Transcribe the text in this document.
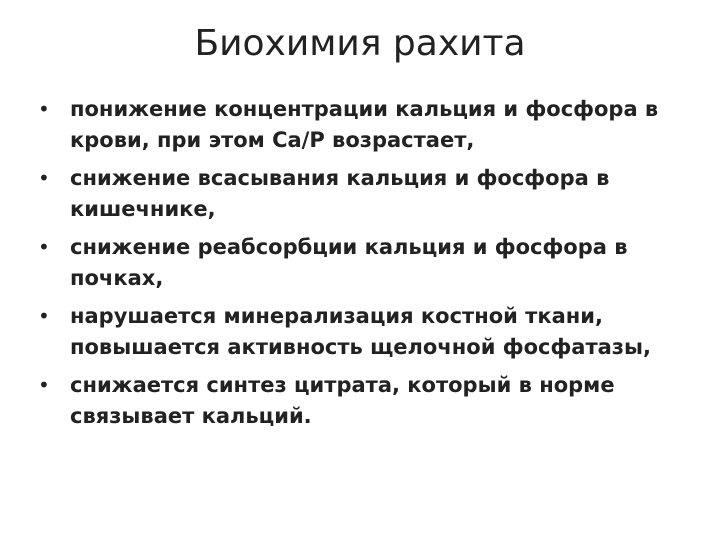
Биохимия рахита
• понижение концентрации кальция и фосфора в крови, при этом Ca/P возрастает,
• снижение всасывания кальция и фосфора в кишечнике,
• снижение реабсорбции кальция и фосфора в почках,
• нарушается минерализация костной ткани, повышается активность щелочной фосфатазы,
• снижается синтез цитрата, который в норме связывает кальций.
